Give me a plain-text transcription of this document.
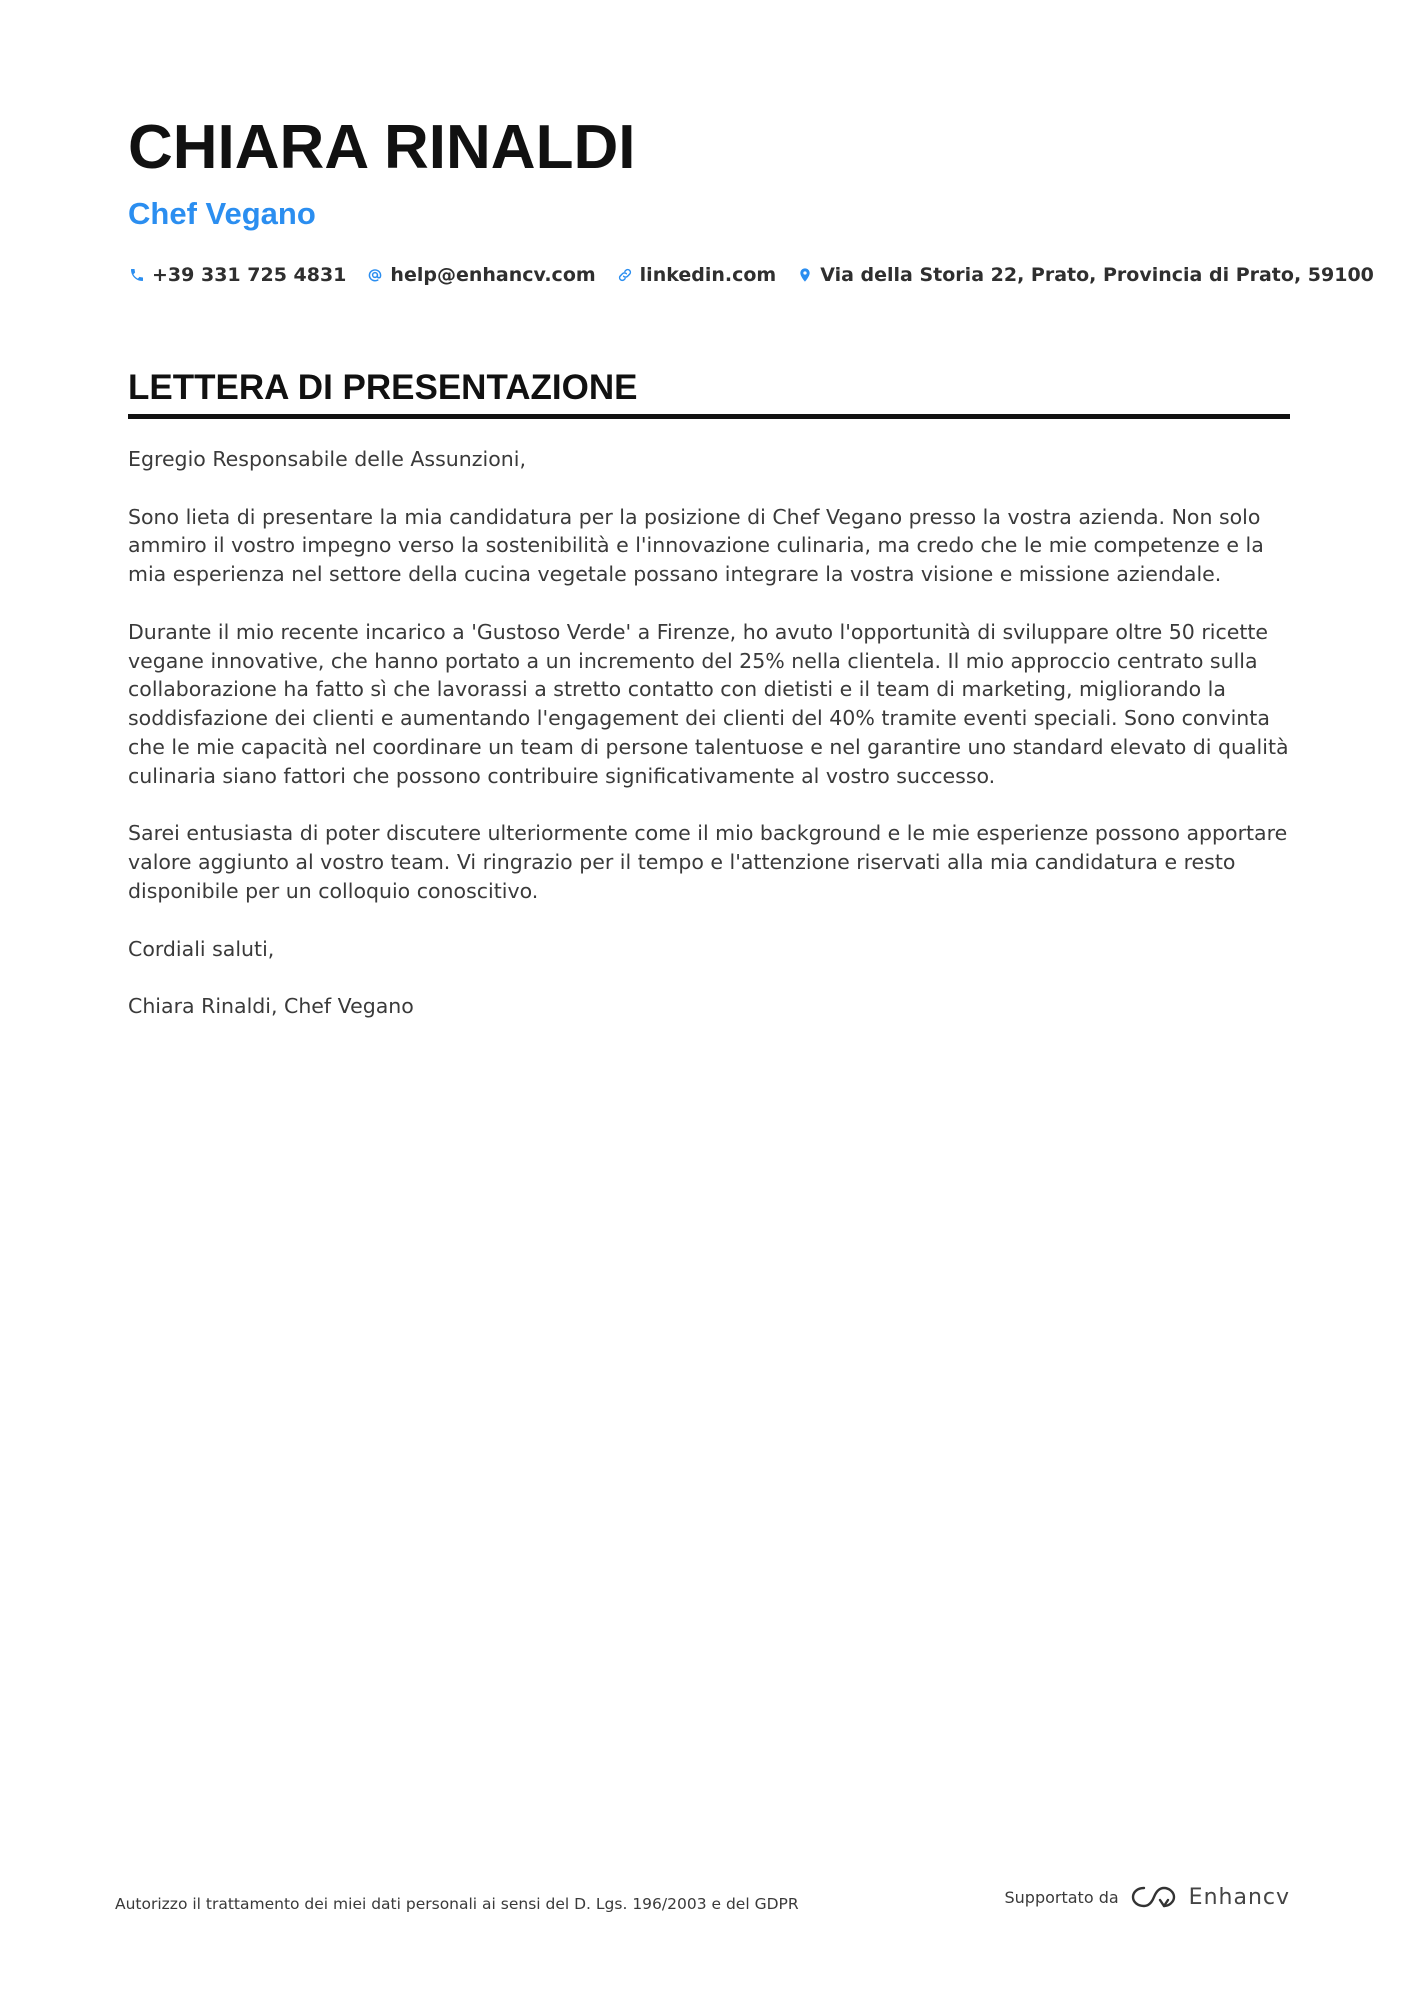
CHIARA RINALDI
Chef Vegano
+39 331 725 4831 help@enhancv.com linkedin.com Via della Storia 22, Prato, Provincia di Prato, 59100
LETTERA DI PRESENTAZIONE

Egregio Responsabile delle Assunzioni,

Sono lieta di presentare la mia candidatura per la posizione di Chef Vegano presso la vostra azienda. Non solo ammiro il vostro impegno verso la sostenibilità e l'innovazione culinaria, ma credo che le mie competenze e la mia esperienza nel settore della cucina vegetale possano integrare la vostra visione e missione aziendale.

Durante il mio recente incarico a 'Gustoso Verde' a Firenze, ho avuto l'opportunità di sviluppare oltre 50 ricette vegane innovative, che hanno portato a un incremento del 25% nella clientela. Il mio approccio centrato sulla collaborazione ha fatto sì che lavorassi a stretto contatto con dietisti e il team di marketing, migliorando la soddisfazione dei clienti e aumentando l'engagement dei clienti del 40% tramite eventi speciali. Sono convinta che le mie capacità nel coordinare un team di persone talentuose e nel garantire uno standard elevato di qualità culinaria siano fattori che possono contribuire significativamente al vostro successo.

Sarei entusiasta di poter discutere ulteriormente come il mio background e le mie esperienze possono apportare valore aggiunto al vostro team. Vi ringrazio per il tempo e l'attenzione riservati alla mia candidatura e resto disponibile per un colloquio conoscitivo.

Cordiali saluti,

Chiara Rinaldi, Chef Vegano

Autorizzo il trattamento dei miei dati personali ai sensi del D. Lgs. 196/2003 e del GDPR	Supportato da	Enhancv
